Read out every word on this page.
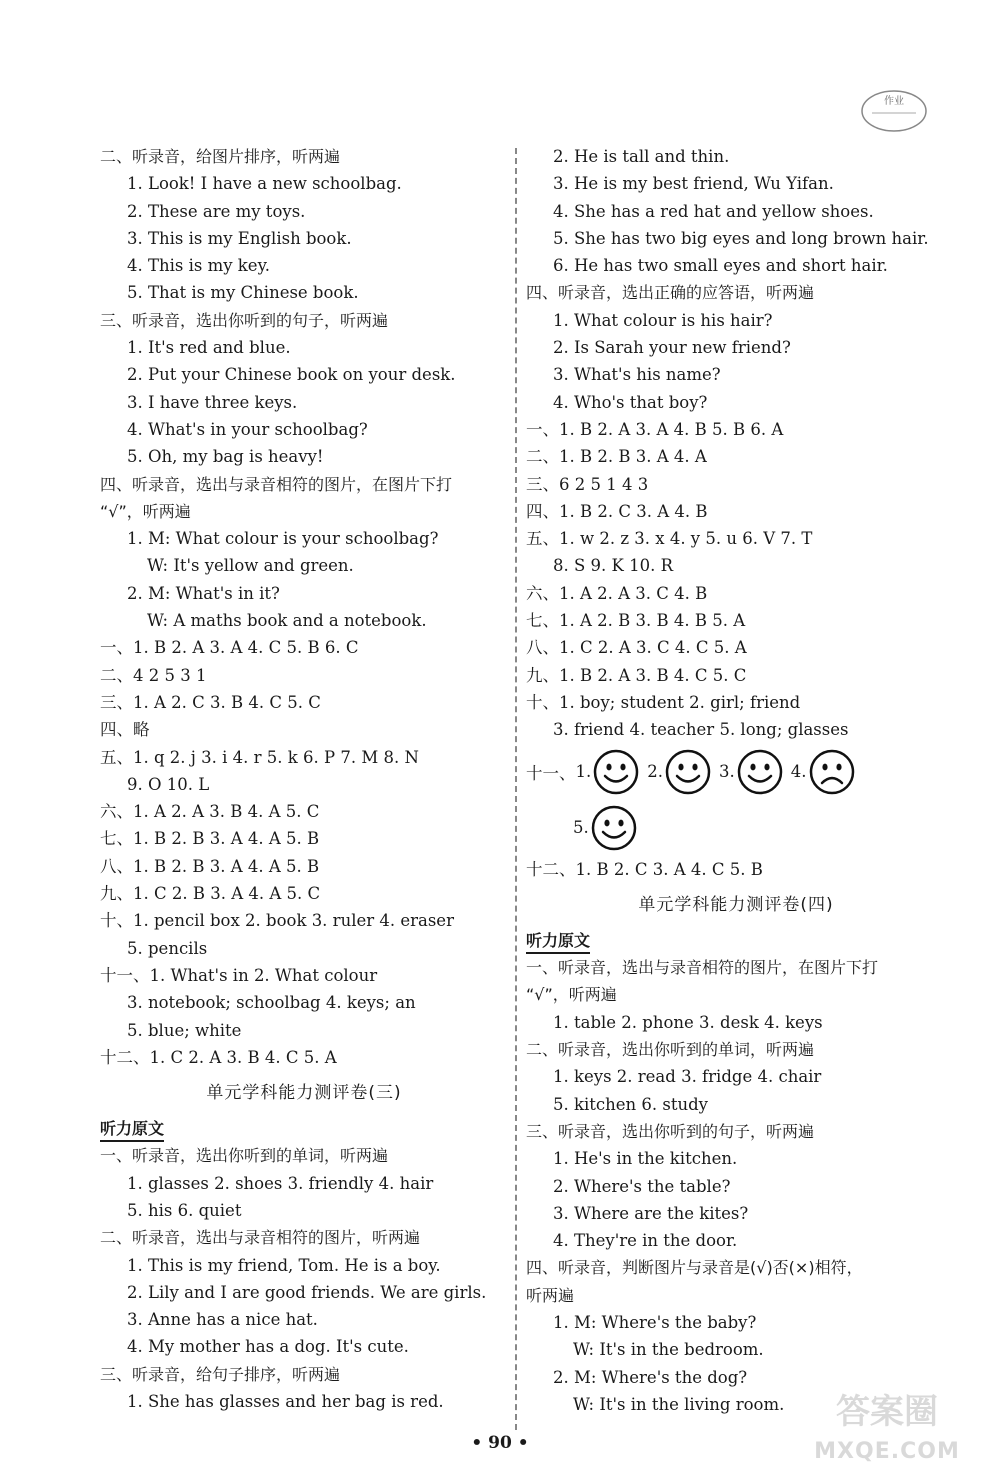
作业
二、听录音，给图片排序，听两遍
1. Look! I have a new schoolbag.
2. These are my toys.
3. This is my English book.
4. This is my key.
5. That is my Chinese book.
三、听录音，选出你听到的句子，听两遍
1. It's red and blue.
2. Put your Chinese book on your desk.
3. I have three keys.
4. What's in your schoolbag?
5. Oh, my bag is heavy!
四、听录音，选出与录音相符的图片，在图片下打
“√”，听两遍
1. M: What colour is your schoolbag?
W: It's yellow and green.
2. M: What's in it?
W: A maths book and a notebook.
一、1. B 2. A 3. A 4. C 5. B 6. C
二、4 2 5 3 1
三、1. A 2. C 3. B 4. C 5. C
四、略
五、1. q 2. j 3. i 4. r 5. k 6. P 7. M 8. N
9. O 10. L
六、1. A 2. A 3. B 4. A 5. C
七、1. B 2. B 3. A 4. A 5. B
八、1. B 2. B 3. A 4. A 5. B
九、1. C 2. B 3. A 4. A 5. C
十、1. pencil box 2. book 3. ruler 4. eraser
5. pencils
十一、1. What's in 2. What colour
3. notebook; schoolbag 4. keys; an
5. blue; white
十二、1. C 2. A 3. B 4. C 5. A
单元学科能力测评卷(三)
听力原文
一、听录音，选出你听到的单词，听两遍
1. glasses 2. shoes 3. friendly 4. hair
5. his 6. quiet
二、听录音，选出与录音相符的图片，听两遍
1. This is my friend, Tom. He is a boy.
2. Lily and I are good friends. We are girls.
3. Anne has a nice hat.
4. My mother has a dog. It's cute.
三、听录音，给句子排序，听两遍
1. She has glasses and her bag is red.
2. He is tall and thin.
3. He is my best friend, Wu Yifan.
4. She has a red hat and yellow shoes.
5. She has two big eyes and long brown hair.
6. He has two small eyes and short hair.
四、听录音，选出正确的应答语，听两遍
1. What colour is his hair?
2. Is Sarah your new friend?
3. What's his name?
4. Who's that boy?
一、1. B 2. A 3. A 4. B 5. B 6. A
二、1. B 2. B 3. A 4. A
三、6 2 5 1 4 3
四、1. B 2. C 3. A 4. B
五、1. w 2. z 3. x 4. y 5. u 6. V 7. T
8. S 9. K 10. R
六、1. A 2. A 3. C 4. B
七、1. A 2. B 3. B 4. B 5. A
八、1. C 2. A 3. C 4. C 5. A
九、1. B 2. A 3. B 4. C 5. C
十、1. boy; student 2. girl; friend
3. friend 4. teacher 5. long; glasses
十一、 1.	2.	3.	4.
5.
十二、1. B 2. C 3. A 4. C 5. B
单元学科能力测评卷(四)
听力原文
一、听录音，选出与录音相符的图片，在图片下打
“√”，听两遍
1. table 2. phone 3. desk 4. keys
二、听录音，选出你听到的单词，听两遍
1. keys 2. read 3. fridge 4. chair
5. kitchen 6. study
三、听录音，选出你听到的句子，听两遍
1. He's in the kitchen.
2. Where's the table?
3. Where are the kites?
4. They're in the door.
四、听录音，判断图片与录音是(√)否(×)相符，
听两遍
1. M: Where's the baby?
W: It's in the bedroom.
2. M: Where's the dog?
W: It's in the living room.
• 90 •
答案圈
MXQE.COM
